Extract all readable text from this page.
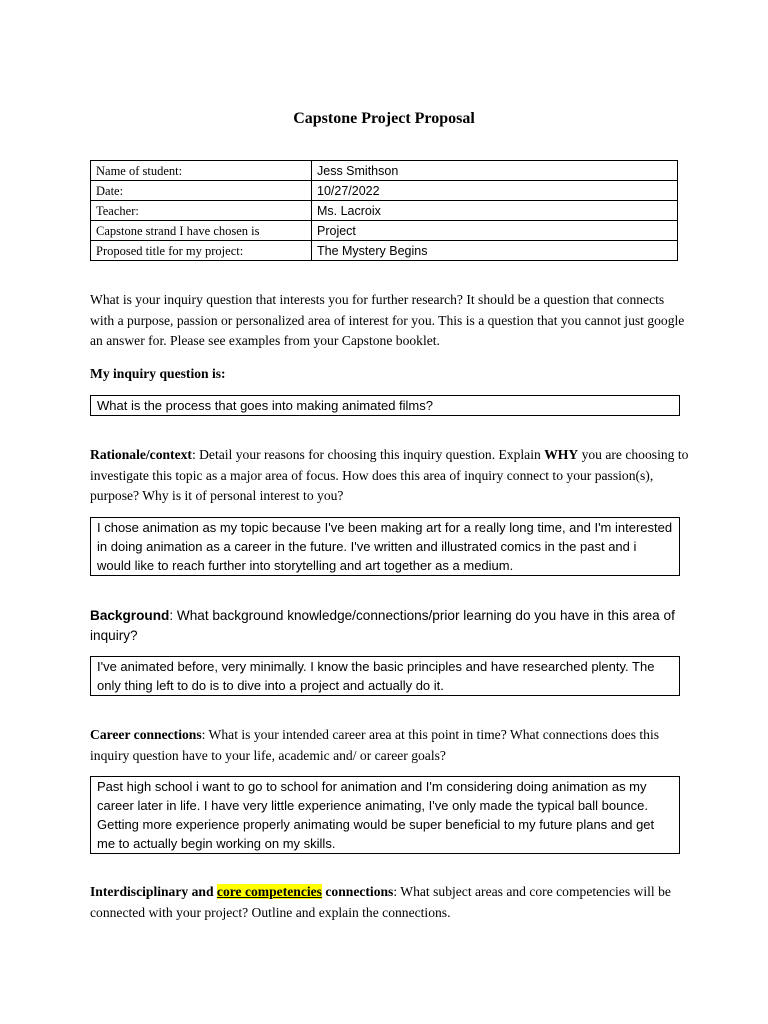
Capstone Project Proposal
Name of student:	Jess Smithson
Date:	10/27/2022
Teacher:	Ms. Lacroix
Capstone strand I have chosen is	Project
Proposed title for my project:	The Mystery Begins
What is your inquiry question that interests you for further research? It should be a question that connects with a purpose, passion or personalized area of interest for you. This is a question that you cannot just google an answer for. Please see examples from your Capstone booklet.
My inquiry question is:
What is the process that goes into making animated films?
Rationale/context: Detail your reasons for choosing this inquiry question. Explain WHY you are choosing to investigate this topic as a major area of focus. How does this area of inquiry connect to your passion(s), purpose? Why is it of personal interest to you?
I chose animation as my topic because I've been making art for a really long time, and I'm interested in doing animation as a career in the future. I've written and illustrated comics in the past and i would like to reach further into storytelling and art together as a medium.
Background: What background knowledge/connections/prior learning do you have in this area of inquiry?
I've animated before, very minimally. I know the basic principles and have researched plenty. The only thing left to do is to dive into a project and actually do it.
Career connections: What is your intended career area at this point in time? What connections does this inquiry question have to your life, academic and/ or career goals?
Past high school i want to go to school for animation and I'm considering doing animation as my career later in life. I have very little experience animating, I've only made the typical ball bounce. Getting more experience properly animating would be super beneficial to my future plans and get me to actually begin working on my skills.
Interdisciplinary and core competencies connections: What subject areas and core competencies will be connected with your project? Outline and explain the connections.
